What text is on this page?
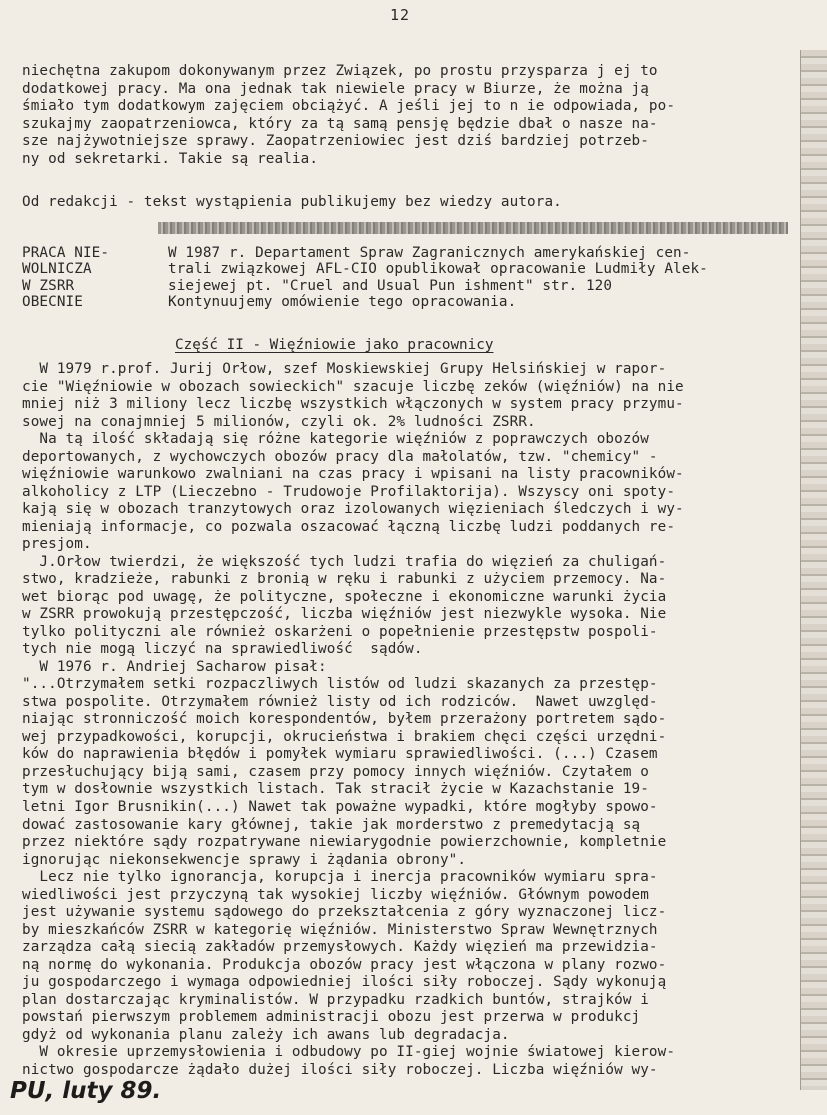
12
niechętna zakupom dokonywanym przez Związek, po prostu przysparza j ej to
dodatkowej pracy. Ma ona jednak tak niewiele pracy w Biurze, że można ją
śmiało tym dodatkowym zajęciem obciążyć. A jeśli jej to n ie odpowiada, po-
szukajmy zaopatrzeniowca, który za tą samą pensję będzie dbał o nasze na-
sze najżywotniejsze sprawy. Zaopatrzeniowiec jest dziś bardziej potrzeb-
ny od sekretarki. Takie są realia.
Od redakcji - tekst wystąpienia publikujemy bez wiedzy autora.
PRACA NIE-
WOLNICZA
W ZSRR
OBECNIE
W 1987 r. Departament Spraw Zagranicznych amerykańskiej cen-
trali związkowej AFL-CIO opublikował opracowanie Ludmiły Alek-
siejewej pt. "Cruel and Usual Pun ishment" str. 120
Kontynuujemy omówienie tego opracowania.
Część II - Więźniowie jako pracownicy
W 1979 r.prof. Jurij Orłow, szef Moskiewskiej Grupy Helsińskiej w rapor-
cie "Więźniowie w obozach sowieckich" szacuje liczbę zeków (więźniów) na nie
mniej niż 3 miliony lecz liczbę wszystkich włączonych w system pracy przymu-
sowej na conajmniej 5 milionów, czyli ok. 2% ludności ZSRR.
Na tą ilość składają się różne kategorie więźniów z poprawczych obozów
deportowanych, z wychowczych obozów pracy dla małolatów, tzw. "chemicy" -
więźniowie warunkowo zwalniani na czas pracy i wpisani na listy pracowników-
alkoholicy z LTP (Lieczebno - Trudowoje Profilaktorija). Wszyscy oni spoty-
kają się w obozach tranzytowych oraz izolowanych więzieniach śledczych i wy-
mieniają informacje, co pozwala oszacować łączną liczbę ludzi poddanych re-
presjom.
J.Orłow twierdzi, że większość tych ludzi trafia do więzień za chuligań-
stwo, kradzieże, rabunki z bronią w ręku i rabunki z użyciem przemocy. Na-
wet biorąc pod uwagę, że polityczne, społeczne i ekonomiczne warunki życia
w ZSRR prowokują przestępczość, liczba więźniów jest niezwykle wysoka. Nie
tylko polityczni ale również oskarżeni o popełnienie przestępstw pospoli-
tych nie mogą liczyć na sprawiedliwość  sądów.
W 1976 r. Andriej Sacharow pisał:
"...Otrzymałem setki rozpaczliwych listów od ludzi skazanych za przestęp-
stwa pospolite. Otrzymałem również listy od ich rodziców.  Nawet uwzględ-
niając stronniczość moich korespondentów, byłem przerażony portretem sądo-
wej przypadkowości, korupcji, okrucieństwa i brakiem chęci części urzędni-
ków do naprawienia błędów i pomyłek wymiaru sprawiedliwości. (...) Czasem
przesłuchujący biją sami, czasem przy pomocy innych więźniów. Czytałem o
tym w dosłownie wszystkich listach. Tak stracił życie w Kazachstanie 19-
letni Igor Brusnikin(...) Nawet tak poważne wypadki, które mogłyby spowo-
dować zastosowanie kary głównej, takie jak morderstwo z premedytacją są
przez niektóre sądy rozpatrywane niewiarygodnie powierzchownie, kompletnie
ignorując niekonsekwencje sprawy i żądania obrony".
Lecz nie tylko ignorancja, korupcja i inercja pracowników wymiaru spra-
wiedliwości jest przyczyną tak wysokiej liczby więźniów. Głównym powodem
jest używanie systemu sądowego do przekształcenia z góry wyznaczonej licz-
by mieszkańców ZSRR w kategorię więźniów. Ministerstwo Spraw Wewnętrznych
zarządza całą siecią zakładów przemysłowych. Każdy więzień ma przewidzia-
ną normę do wykonania. Produkcja obozów pracy jest włączona w plany rozwo-
ju gospodarczego i wymaga odpowiedniej ilości siły roboczej. Sądy wykonują
plan dostarczając kryminalistów. W przypadku rzadkich buntów, strajków i
powstań pierwszym problemem administracji obozu jest przerwa w produkcj
gdyż od wykonania planu zależy ich awans lub degradacja.
W okresie uprzemysłowienia i odbudowy po II-giej wojnie światowej kierow-
nictwo gospodarcze żądało dużej ilości siły roboczej. Liczba więźniów wy-
PU, luty 89.
